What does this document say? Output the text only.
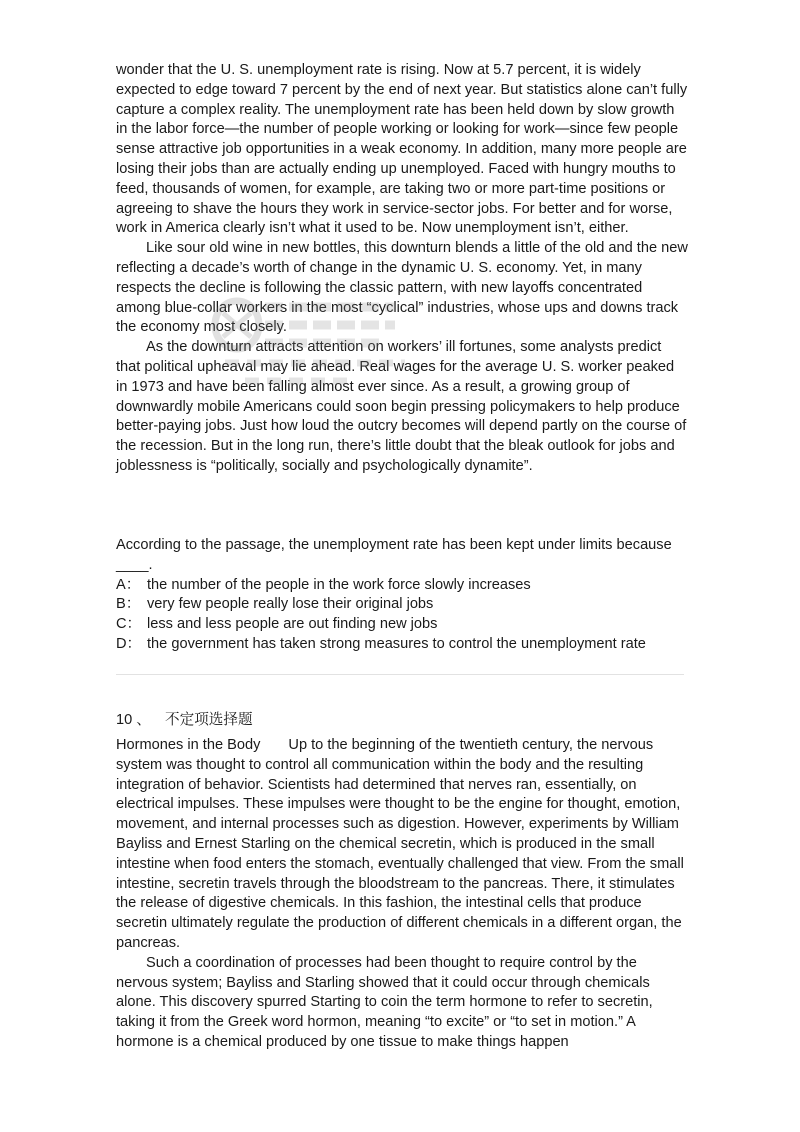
wonder that the U. S. unemployment rate is rising. Now at 5.7 percent, it is widely expected to edge toward 7 percent by the end of next year. But statistics alone can’t fully capture a complex reality. The unemployment rate has been held down by slow growth in the labor force—the number of people working or looking for work—since few people sense attractive job opportunities in a weak economy. In addition, many more people are losing their jobs than are actually ending up unemployed. Faced with hungry mouths to feed, thousands of women, for example, are taking two or more part-time positions or agreeing to shave the hours they work in service-sector jobs. For better and for worse, work in America clearly isn’t what it used to be. Now unemployment isn’t, either.

Like sour old wine in new bottles, this downturn blends a little of the old and the new reflecting a decade’s worth of change in the dynamic U. S. economy. Yet, in many respects the decline is following the classic pattern, with new layoffs concentrated among blue-collar workers in the most “cyclical” industries, whose ups and downs track the economy most closely.

As the downturn attracts attention on workers’ ill fortunes, some analysts predict that political upheaval may lie ahead. Real wages for the average U. S. worker peaked in 1973 and have been falling almost ever since. As a result, a growing group of downwardly mobile Americans could soon begin pressing policymakers to help produce better-paying jobs. Just how loud the outcry becomes will depend partly on the course of the recession. But in the long run, there’s little doubt that the bleak outlook for jobs and joblessness is “politically, socially and psychologically dynamite”.

According to the passage, the unemployment rate has been kept under limits because ____.

A： the number of the people in the work force slowly increases
B： very few people really lose their original jobs
C： less and less people are out finding new jobs
D： the government has taken strong measures to control the unemployment rate
10 、 不定项选择题

Hormones in the Body Up to the beginning of the twentieth century, the nervous system was thought to control all communication within the body and the resulting integration of behavior. Scientists had determined that nerves ran, essentially, on electrical impulses. These impulses were thought to be the engine for thought, emotion, movement, and internal processes such as digestion. However, experiments by William Bayliss and Ernest Starling on the chemical secretin, which is produced in the small intestine when food enters the stomach, eventually challenged that view. From the small intestine, secretin travels through the bloodstream to the pancreas. There, it stimulates the release of digestive chemicals. In this fashion, the intestinal cells that produce secretin ultimately regulate the production of different chemicals in a different organ, the pancreas.

Such a coordination of processes had been thought to require control by the nervous system; Bayliss and Starling showed that it could occur through chemicals alone. This discovery spurred Starting to coin the term hormone to refer to secretin, taking it from the Greek word hormon, meaning “to excite” or “to set in motion.” A hormone is a chemical produced by one tissue to make things happen
